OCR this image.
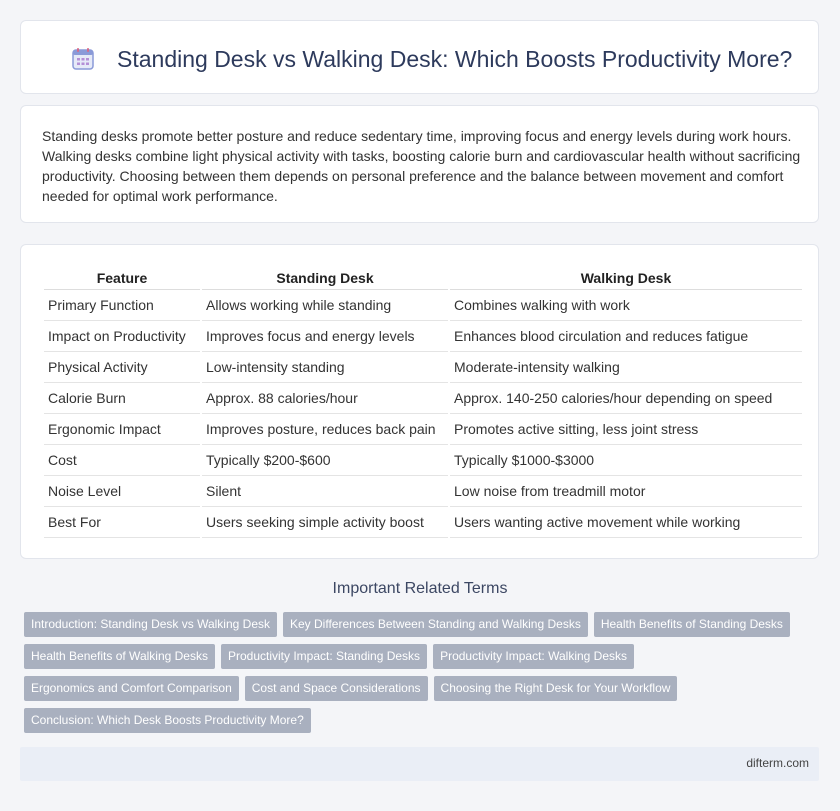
Standing Desk vs Walking Desk: Which Boosts Productivity More?

Standing desks promote better posture and reduce sedentary time, improving focus and energy levels during work hours. Walking desks combine light physical activity with tasks, boosting calorie burn and cardiovascular health without sacrificing productivity. Choosing between them depends on personal preference and the balance between movement and comfort needed for optimal work performance.

Feature	Standing Desk	Walking Desk
Primary Function	Allows working while standing	Combines walking with work
Impact on Productivity	Improves focus and energy levels	Enhances blood circulation and reduces fatigue
Physical Activity	Low-intensity standing	Moderate-intensity walking
Calorie Burn	Approx. 88 calories/hour	Approx. 140-250 calories/hour depending on speed
Ergonomic Impact	Improves posture, reduces back pain	Promotes active sitting, less joint stress
Cost	Typically $200-$600	Typically $1000-$3000
Noise Level	Silent	Low noise from treadmill motor
Best For	Users seeking simple activity boost	Users wanting active movement while working
Important Related Terms
Introduction: Standing Desk vs Walking Desk Key Differences Between Standing and Walking Desks Health Benefits of Standing DesksHealth Benefits of Walking Desks Productivity Impact: Standing Desks Productivity Impact: Walking DesksErgonomics and Comfort Comparison Cost and Space Considerations Choosing the Right Desk for Your WorkflowConclusion: Which Desk Boosts Productivity More?
difterm.com
